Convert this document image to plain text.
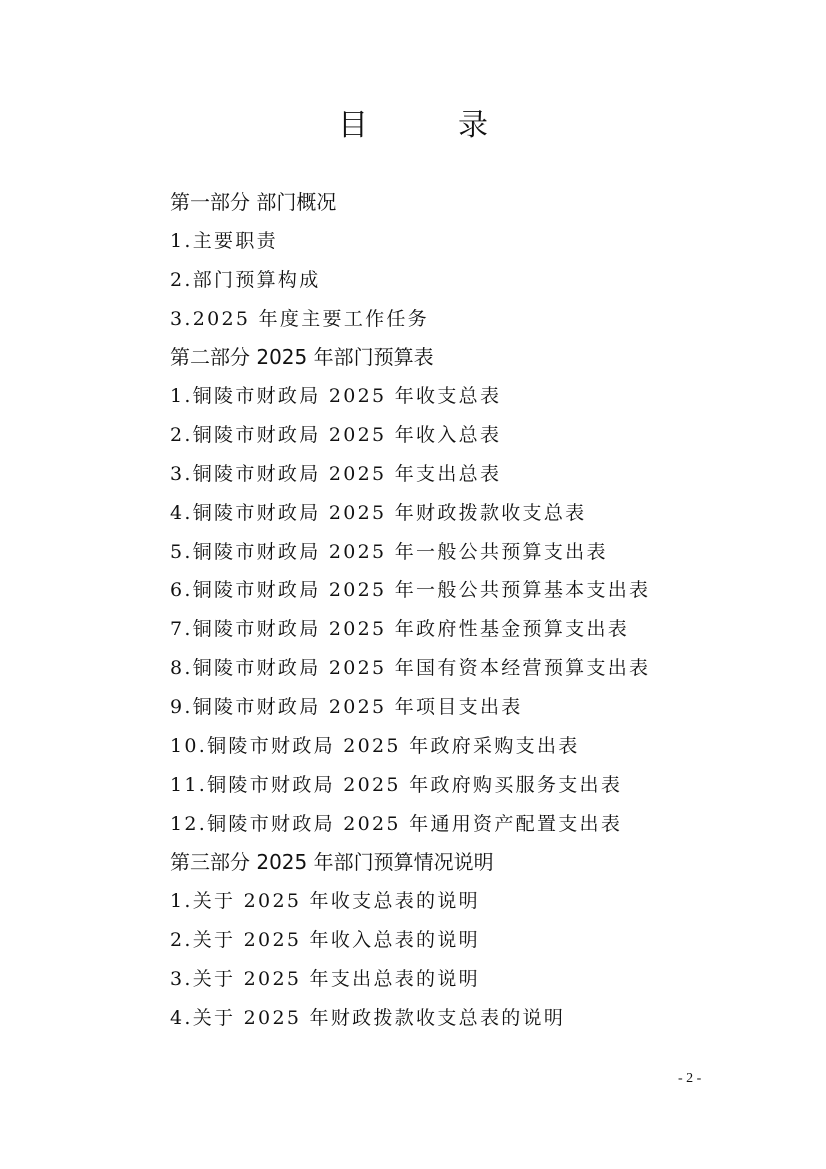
目　录
第一部分 部门概况
1.主要职责
2.部门预算构成
3.2025 年度主要工作任务
第二部分 2025 年部门预算表
1.铜陵市财政局 2025 年收支总表
2.铜陵市财政局 2025 年收入总表
3.铜陵市财政局 2025 年支出总表
4.铜陵市财政局 2025 年财政拨款收支总表
5.铜陵市财政局 2025 年一般公共预算支出表
6.铜陵市财政局 2025 年一般公共预算基本支出表
7.铜陵市财政局 2025 年政府性基金预算支出表
8.铜陵市财政局 2025 年国有资本经营预算支出表
9.铜陵市财政局 2025 年项目支出表
10.铜陵市财政局 2025 年政府采购支出表
11.铜陵市财政局 2025 年政府购买服务支出表
12.铜陵市财政局 2025 年通用资产配置支出表
第三部分 2025 年部门预算情况说明
1.关于 2025 年收支总表的说明
2.关于 2025 年收入总表的说明
3.关于 2025 年支出总表的说明
4.关于 2025 年财政拨款收支总表的说明
- 2 -
